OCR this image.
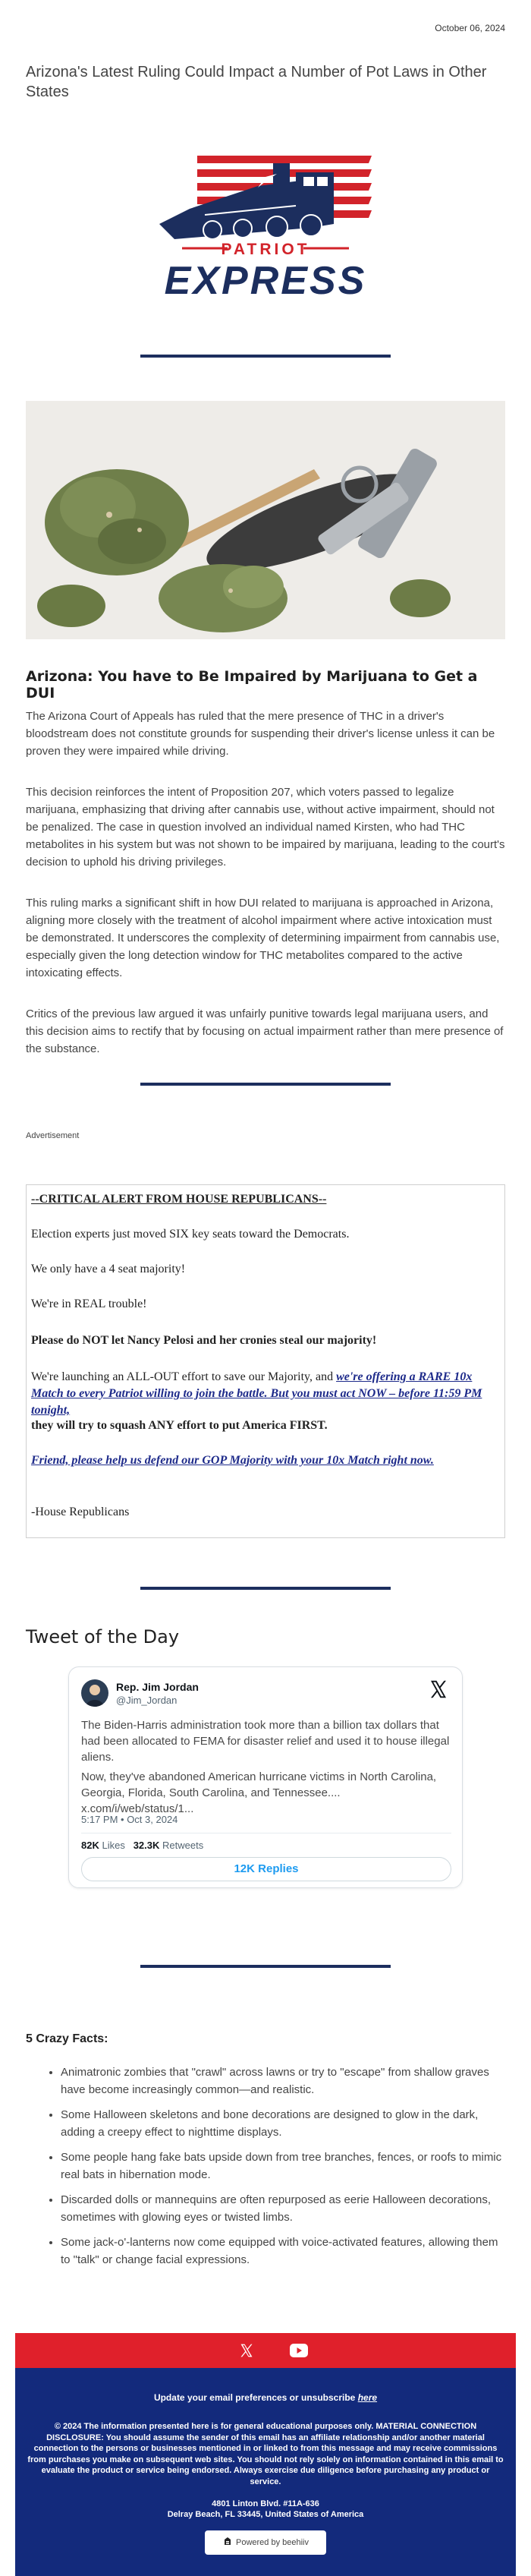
October 06, 2024
Arizona's Latest Ruling Could Impact a Number of Pot Laws in Other States
PATRIOT
EXPRESS
Arizona: You have to Be Impaired by Marijuana to Get a DUI
The Arizona Court of Appeals has ruled that the mere presence of THC in a driver's bloodstream does not constitute grounds for suspending their driver's license unless it can be proven they were impaired while driving.
This decision reinforces the intent of Proposition 207, which voters passed to legalize marijuana, emphasizing that driving after cannabis use, without active impairment, should not be penalized. The case in question involved an individual named Kirsten, who had THC metabolites in his system but was not shown to be impaired by marijuana, leading to the court's decision to uphold his driving privileges.
This ruling marks a significant shift in how DUI related to marijuana is approached in Arizona, aligning more closely with the treatment of alcohol impairment where active intoxication must be demonstrated. It underscores the complexity of determining impairment from cannabis use, especially given the long detection window for THC metabolites compared to the active intoxicating effects.
Critics of the previous law argued it was unfairly punitive towards legal marijuana users, and this decision aims to rectify that by focusing on actual impairment rather than mere presence of the substance.
Advertisement

--CRITICAL ALERT FROM HOUSE REPUBLICANS--

Election experts just moved SIX key seats toward the Democrats.

We only have a 4 seat majority!

We're in REAL trouble!

Please do NOT let Nancy Pelosi and her cronies steal our majority!

We're launching an ALL-OUT effort to save our Majority, and we're offering a RARE 10x Match to every Patriot willing to join the battle. But you must act NOW – before 11:59 PM tonight,

they will try to squash ANY effort to put America FIRST.

Friend, please help us defend our GOP Majority with your 10x Match right now.

-House Republicans

Tweet of the Day
Rep. Jim Jordan
@Jim_Jordan
The Biden-Harris administration took more than a billion tax dollars that had been allocated to FEMA for disaster relief and used it to house illegal aliens.
Now, they've abandoned American hurricane victims in North Carolina, Georgia, Florida, South Carolina, and Tennessee....
x.com/i/web/status/1...
5:17 PM • Oct 3, 2024
82K Likes 32.3K Retweets
12K Replies
5 Crazy Facts:
• Animatronic zombies that "crawl" across lawns or try to "escape" from shallow graves have become increasingly common—and realistic.
• Some Halloween skeletons and bone decorations are designed to glow in the dark, adding a creepy effect to nighttime displays.
• Some people hang fake bats upside down from tree branches, fences, or roofs to mimic real bats in hibernation mode.
• Discarded dolls or mannequins are often repurposed as eerie Halloween decorations, sometimes with glowing eyes or twisted limbs.
• Some jack-o'-lanterns now come equipped with voice-activated features, allowing them to "talk" or change facial expressions.
Update your email preferences or unsubscribe here
© 2024 The information presented here is for general educational purposes only. MATERIAL CONNECTION DISCLOSURE: You should assume the sender of this email has an affiliate relationship and/or another material connection to the persons or businesses mentioned in or linked to from this message and may receive commissions from purchases you make on subsequent web sites. You should not rely solely on information contained in this email to evaluate the product or service being endorsed. Always exercise due diligence before purchasing any product or service.
4801 Linton Blvd. #11A-636
Delray Beach, FL 33445, United States of America
Powered by beehiiv
